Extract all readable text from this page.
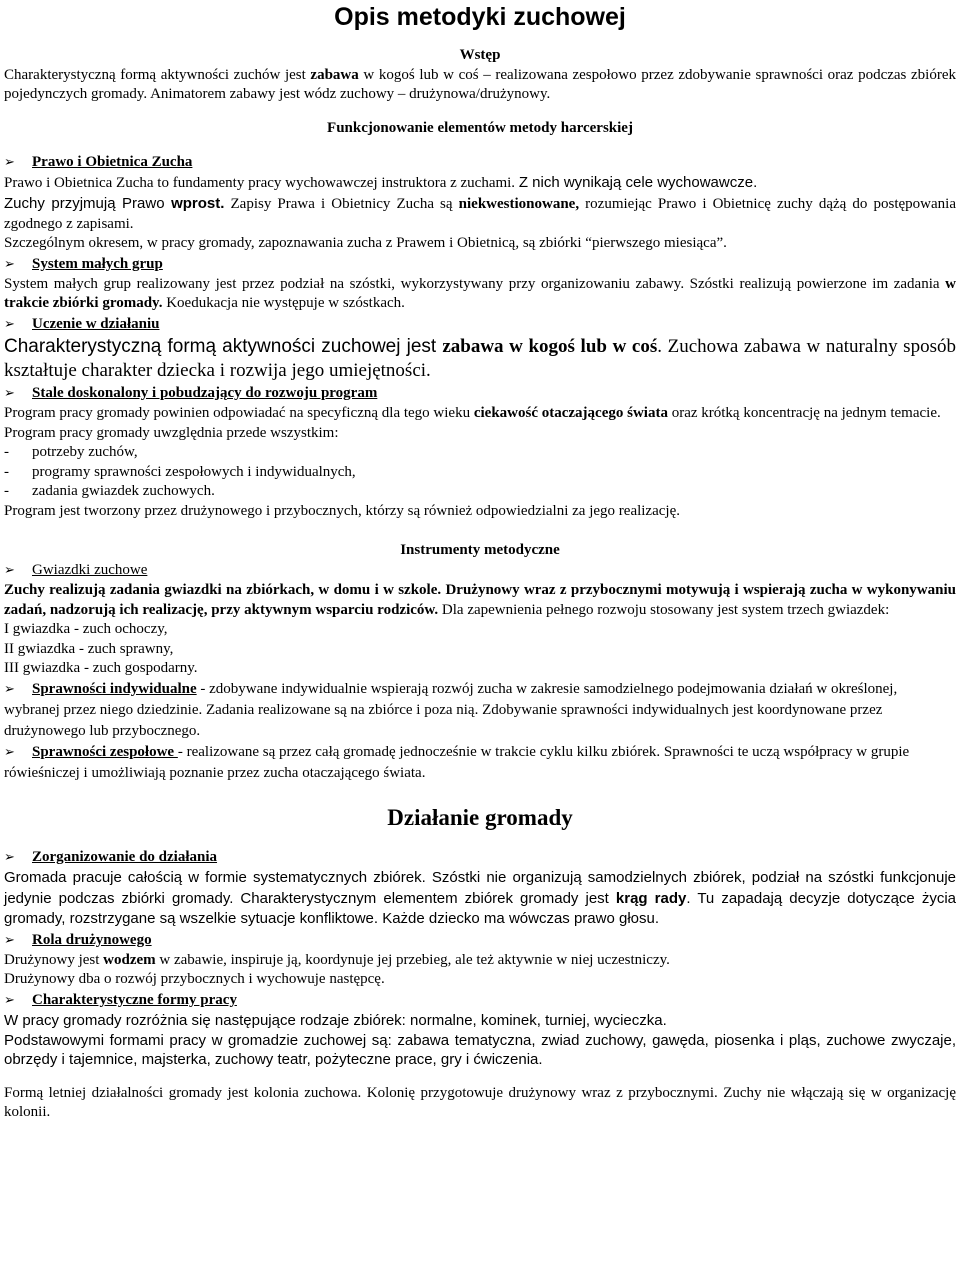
Opis metodyki zuchowej
Wstęp

Charakterystyczną formą aktywności zuchów jest zabawa w kogoś lub w coś – realizowana zespołowo przez zdobywanie sprawności oraz podczas zbiórek pojedynczych gromady. Animatorem zabawy jest wódz zuchowy – drużynowa/drużynowy.

Funkcjonowanie elementów metody harcerskiej
➢	Prawo i Obietnica Zucha

Prawo i Obietnica Zucha to fundamenty pracy wychowawczej instruktora z zuchami. Z nich wynikają cele wychowawcze.

Zuchy przyjmują Prawo wprost. Zapisy Prawa i Obietnicy Zucha są niekwestionowane, rozumiejąc Prawo i Obietnicę zuchy dążą do postępowania zgodnego z zapisami.

Szczególnym okresem, w pracy gromady, zapoznawania zucha z Prawem i Obietnicą, są zbiórki “pierwszego miesiąca”.

➢	System małych grup

System małych grup realizowany jest przez podział na szóstki, wykorzystywany przy organizowaniu zabawy. Szóstki realizują powierzone im zadania w trakcie zbiórki gromady. Koedukacja nie występuje w szóstkach.

➢	Uczenie w działaniu

Charakterystyczną formą aktywności zuchowej jest zabawa w kogoś lub w coś. Zuchowa zabawa w naturalny sposób kształtuje charakter dziecka i rozwija jego umiejętności.

➢	Stale doskonalony i pobudzający do rozwoju program

Program pracy gromady powinien odpowiadać na specyficzną dla tego wieku ciekawość otaczającego świata oraz krótką koncentrację na jednym temacie.

Program pracy gromady uwzględnia przede wszystkim:

-	potrzeby zuchów,
-	programy sprawności zespołowych i indywidualnych,
-	zadania gwiazdek zuchowych.

Program jest tworzony przez drużynowego i przybocznych, którzy są również odpowiedzialni za jego realizację.

Instrumenty metodyczne
➢	Gwiazdki zuchowe

Zuchy realizują zadania gwiazdki na zbiórkach, w domu i w szkole. Drużynowy wraz z przybocznymi motywują i wspierają zucha w wykonywaniu zadań, nadzorują ich realizację, przy aktywnym wsparciu rodziców. Dla zapewnienia pełnego rozwoju stosowany jest system trzech gwiazdek:

I gwiazdka - zuch ochoczy,

II gwiazdka - zuch sprawny,

III gwiazdka - zuch gospodarny.

➢ Sprawności indywidualne - zdobywane indywidualnie wspierają rozwój zucha w zakresie samodzielnego podejmowania działań w określonej, wybranej przez niego dziedzinie. Zadania realizowane są na zbiórce i poza nią. Zdobywanie sprawności indywidualnych jest koordynowane przez drużynowego lub przybocznego.
➢ Sprawności zespołowe - realizowane są przez całą gromadę jednocześnie w trakcie cyklu kilku zbiórek. Sprawności te uczą współpracy w grupie rówieśniczej i umożliwiają poznanie przez zucha otaczającego świata.
Działanie gromady
➢	Zorganizowanie do działania

Gromada pracuje całością w formie systematycznych zbiórek. Szóstki nie organizują samodzielnych zbiórek, podział na szóstki funkcjonuje jedynie podczas zbiórki gromady. Charakterystycznym elementem zbiórek gromady jest krąg rady. Tu zapadają decyzje dotyczące życia gromady, rozstrzygane są wszelkie sytuacje konfliktowe. Każde dziecko ma wówczas prawo głosu.

➢	Rola drużynowego

Drużynowy jest wodzem w zabawie, inspiruje ją, koordynuje jej przebieg, ale też aktywnie w niej uczestniczy.

Drużynowy dba o rozwój przybocznych i wychowuje następcę.

➢	Charakterystyczne formy pracy

W pracy gromady rozróżnia się następujące rodzaje zbiórek: normalne, kominek, turniej, wycieczka.

Podstawowymi formami pracy w gromadzie zuchowej są: zabawa tematyczna, zwiad zuchowy, gawęda, piosenka i pląs, zuchowe zwyczaje, obrzędy i tajemnice, majsterka, zuchowy teatr, pożyteczne prace, gry i ćwiczenia.

Formą letniej działalności gromady jest kolonia zuchowa. Kolonię przygotowuje drużynowy wraz z przybocznymi. Zuchy nie włączają się w organizację kolonii.
